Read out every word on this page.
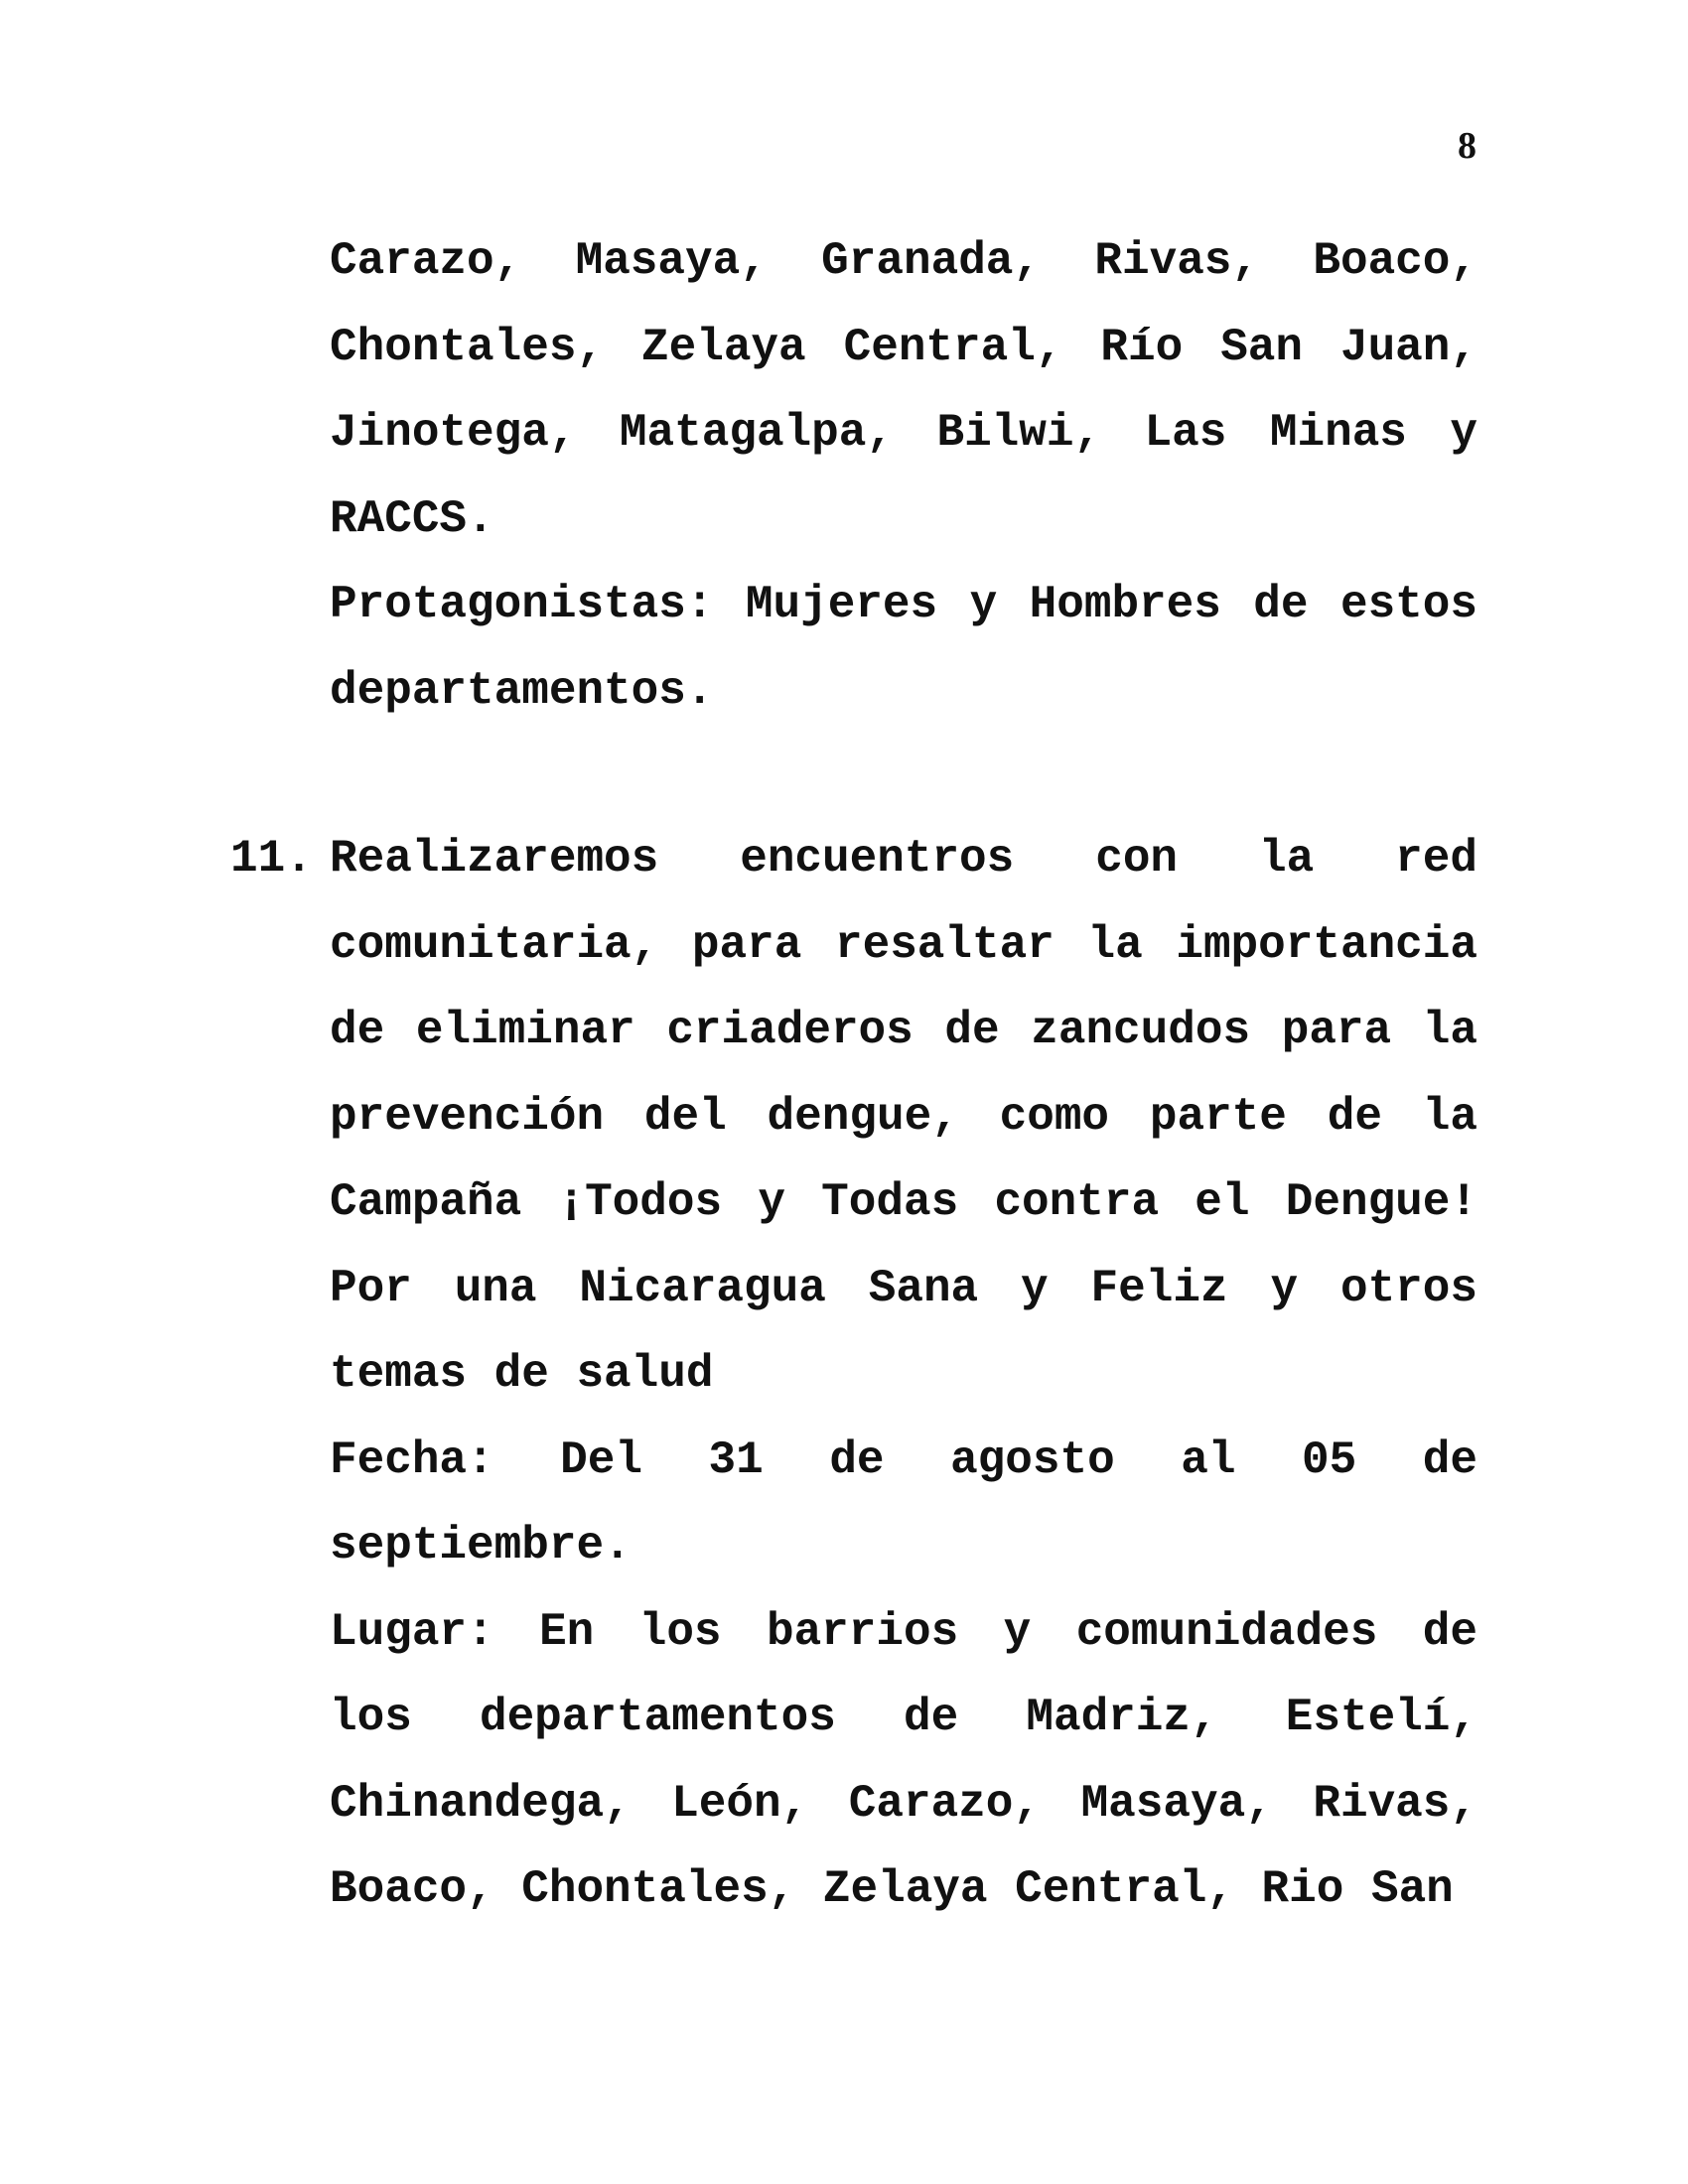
8

Carazo, Masaya, Granada, Rivas, Boaco, Chontales, Zelaya Central, Río San Juan, Jinotega, Matagalpa, Bilwi, Las Minas y RACCS.

Protagonistas: Mujeres y Hombres de estos departamentos.

11. Realizaremos encuentros con la red comunitaria, para resaltar la importancia de eliminar criaderos de zancudos para la prevención del dengue, como parte de la Campaña ¡Todos y Todas contra el Dengue! Por una Nicaragua Sana y Feliz y otros temas de salud

Fecha: Del 31 de agosto al 05 de septiembre.

Lugar: En los barrios y comunidades de los departamentos de Madriz, Estelí, Chinandega, León, Carazo, Masaya, Rivas, Boaco, Chontales, Zelaya Central, Rio San
